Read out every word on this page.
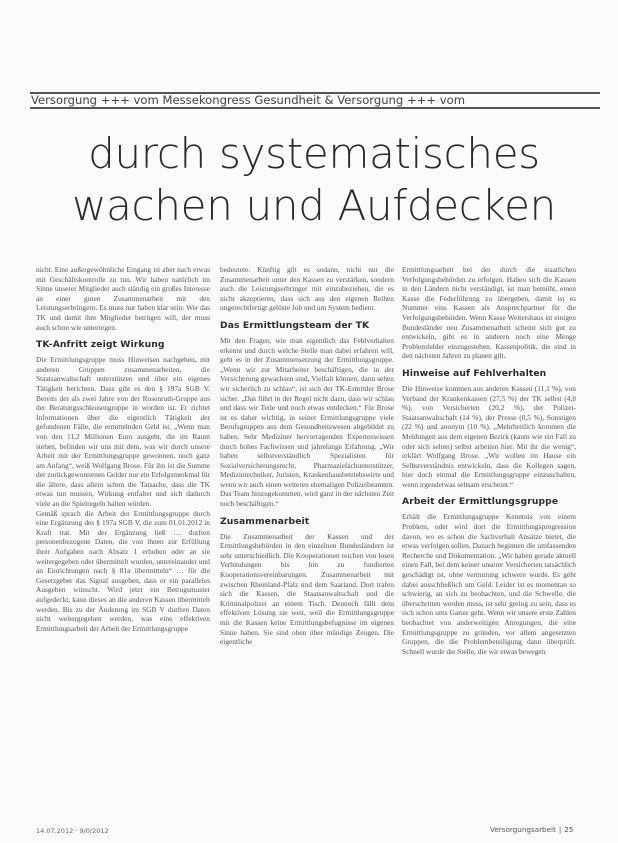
Versorgung +++ vom Messekongress Gesundheit & Versorgung +++ vom
durch systematisches
wachen und Aufdecken

nicht. Eine außergewöhnliche Eingang ist aber nach etwas mit Geschäftskontrolle zu tun. Wir haben natürlich im Sinne unserer Mitglieder auch ständig ein großes Interesse an einer guten Zusammenarbeit mit den Leistungserbringern. Es muss nur haben klar sein: Wer das TK und damit ihre Mitglieder betrügen will, der muss auch schon wie unterregen.

TK-Anfritt zeigt Wirkung

Die Ermittlungsgruppe muss Hinweisen nachgehen, mit anderen Gruppen zusammenarbeiten, die Staatsanwaltschaft unterstützen und über ein eigenes Tätigkeit berichten. Dass gibt es den § 197a SGB V. Bereits der als zwei Jahre von der Rosenruth-Gruppe aus der Beratungsschleusengruppe in worden ist. Er richtet Informationen über die eigentlich Tätigkeit der gefundenen Fälle, die ermittelnden Geld ist. „Wenn man von den 11,2 Millionen Euro ausgeht, die im Raum stehen, befinden wir uns mit dem, was wir durch unsere Arbeit mit der Ermittlungsgruppe gewonnen, noch ganz am Anfang“, weiß Wolfgang Brose. Für ihn ist die Summe der zurückgewonnenen Gelder nur ein Erfolgsmerkmal für die ältere, dass allein schon die Tatsache, dass die TK etwas tun mussen, Wirkung entfaltet und sich dadurch viele an die Spielregeln halten würden.

Gemäß sprach die Arbeit der Ermittlungsgruppe durch eine Ergänzung des § 197a SGB V, die zum 01.01.2012 in Kraft trat. Mit der Ergänzung ließ … durften personenbezogene Daten, die von ihnen zur Erfüllung ihrer Aufgaben nach Absatz 1 erhoben oder an sie weitergegeben oder übermittelt wurden, untereinander und an Einrichtungen nach § 81a übermitteln“ … für die Gesetzgeber das Signal ausgeben, dass er ein paralleles Ausgeben wünscht. Wird jetzt ein Betrugsmuster aufgedeckt, kann dieses an die anderen Kassen übermittelt werden. Bis zu der Änderung im SGB V durften Daten nicht weitergegeben werden, was eine effektiven Ermittlungsarbeit der Arbeit der Ermittlungsgruppe

bedeutete. Künftig gilt es sodann, nicht nur die Zusammenarbeit unter den Kassen zu verstärken, sondern auch die Leistungserbringer mit einzubeziehen, die es nicht akzeptieren, dass sich aus den eigenen Reihen ungerechtfertigt gelöste Job und um System bedient.

Das Ermittlungsteam der TK

Mit den Fragen, wie man eigentlich das Fehlverhalten erkennt und durch welche Stelle man dabei erfahren will, geht es in der Zusammensetzung der Ermittlungsgruppe. „Wenn wir zur Mitarbeiter beschäftigen, die in der Versicherung gewachsen sind, Vielfalt können, dann sehen wir sicherlich zu schlau“, ist sich der TK-Ermittler Brose sicher. „Das führt in der Regel nicht dazu, dass wir schlau und dass wir Teile und noch etwas entdecken.“ Für Brose ist es daher wichtig, in seiner Ermittlungsgruppe viele Berufsgruppen aus dem Gesundheitswesen abgebildet zu haben. Sehr Mediziner hervorragenden Expertenwissen durch hohes Fachwissen und jahrelange Erfahrung. „Wir haben selbstverständlich Spezialisten für Sozialversicherungsrecht, Pharmaziefachunterstützer, Medizintechniker, Juristen, Krankenhausbetriebswirte und wenn wir auch einen weiteren ehemaligen Polizeibeamten. Das Team hinzugekommen, wird ganz in der nächsten Zeit noch beschäftigen.“

Zusammenarbeit

Die Zusammenarbeit der Kassen und der Ermittlungsbehörden in den einzelnen Bundesländern ist sehr unterschiedlich. Die Kooperationen reichen von losen Verbindungen bis hin zu fundierten Kooperationsvereinbarungen. Zusammenarbeit mit zwischen Rheinland-Pfalz und dem Saarland. Dort trafen sich die Kassen, die Staatsanwaltschaft und die Kriminalpolizei an einem Tisch. Dennoch fällt dem effektiven Lösung sie weit, weil die Ermittlungsgruppe mit die Kassen keine Ermittlungsbefugnisse im eigenen Sinne haben. Sie sind oben über mündige Zeugen. Die eigentliche

Ermittlungsarbeit bei der durch die staatlichen Verfolgungsbehörden zu erfolgen. Habeo sich die Kassen in den Ländern nicht verständigt, ist man bemüht, einen Kasse die Federführung zu übergeben, damit ist es Nummer eins Kassen als Ansprechpartner für die Verfolgungsbehörden. Wenn Kasse Weitershaus ist einigen Bundesländer neu Zusammenarbeit scheint sich gut zu entwickeln, gibt es in anderen noch eine Menge Problemfelder einzugestehen. Kassenpolitik, die sind in den nächsten Jahren zu planen gilt.

Hinweise auf Fehlverhalten

Die Hinweise kommen aus anderen Kassen (11,1 %), von Verband der Krankenkassen (27,5 %) der TK selbst (4,8 %), von Versicherten (20,2 %), der Polizei-Staatsanwaltschaft (14 %), der Presse (0,5 %), Sonstigen (22 %) und anonym (10 %). „Mehrheitlich kommen die Meldungen aus dem eigenen Bezirk (kaum wie ein Fall zu oder sich selten) selbst arbeiten hier. Mit ihr die wenig“, erklärt Wolfgang Brose. „Wir wollen im Hause ein Selbstverständnis entwickeln, dass die Kollegen sagen, hier doch einmal die Ermittlungsgruppe einzuschalten, wenn irgendetwas seltsam erscheint.“

Arbeit der Ermittlungsgruppe

Erhält die Ermittlungsgruppe Kenntnis von einem Problem, oder wird dort die Ermittlungsprogression davon, wo es schon die Sachverhalt Ansätze bietet, die etwas verfolgen sollen. Danach beginnen die umfassenden Recherche und Dokumentation. „Wir haben gerade aktuell einen Fall, bei dem keiner unserer Versicherten tatsächlich geschädigt ist, ohne vermutung schwere wurde. Es geht dabei ausschließlich um Geld. Leider ist es momentan so schwierig, an sich zu beobachten, und die Schwelle, die überschritten werden muss, ist sehr gering zu sein, dass es sich schon ums Ganze geht. Wenn wir unsere erste Zahlen beobachtet von anderweitigen Anregungen, die eine Ermittlungsgruppe zu gründen, vor allem angesetzten Gruppen, die die Problembeteiligung dann überprüft. Schnell wurde die Stelle, die wir etwas bewegen

14.07.2012 · 9/0/2012	Versorgungsarbeit | 25
